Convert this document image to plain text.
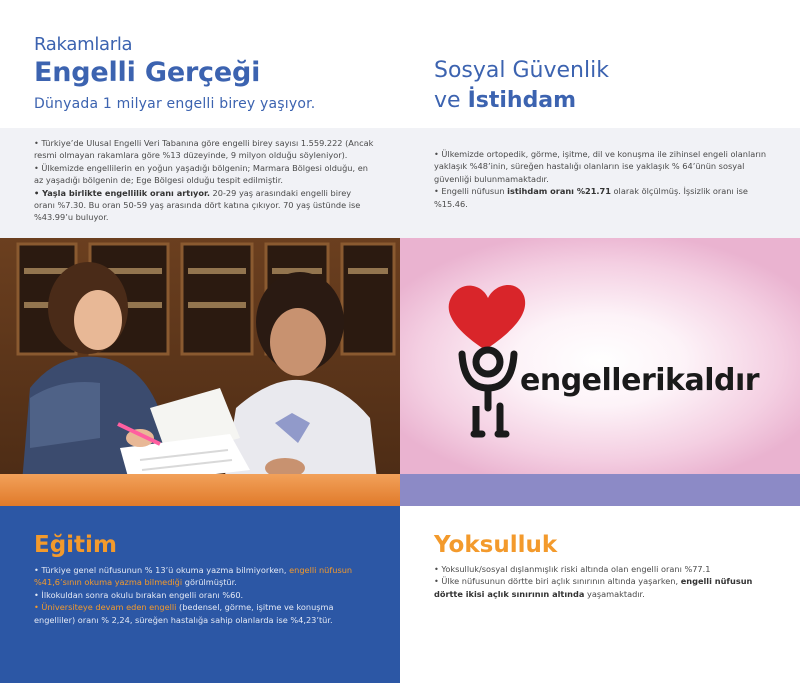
Rakamlarla
Engelli Gerçeği
Dünyada 1 milyar engelli birey yaşıyor.
Sosyal Güvenlik
ve İstihdam

• Türkiye’de Ulusal Engelli Veri Tabanına göre engelli birey sayısı 1.559.222 (Ancak resmi olmayan rakamlara göre %13 düzeyinde, 9 milyon olduğu söyleniyor).

• Ülkemizde engellilerin en yoğun yaşadığı bölgenin; Marmara Bölgesi olduğu, en az yaşadığı bölgenin de; Ege Bölgesi olduğu tespit edilmiştir.

• Yaşla birlikte engellilik oranı artıyor. 20-29 yaş arasındaki engelli birey oranı %7.30. Bu oran 50-59 yaş arasında dört katına çıkıyor. 70 yaş üstünde ise %43.99’u buluyor.

• Ülkemizde ortopedik, görme, işitme, dil ve konuşma ile zihinsel engeli olanların yaklaşık %48’inin, süreğen hastalığı olanların ise yaklaşık % 64’ünün sosyal güvenliği bulunmamaktadır.

• Engelli nüfusun istihdam oranı %21.71 olarak ölçülmüş. İşsizlik oranı ise %15.46.

engellerikaldır
Eğitim

• Türkiye genel nüfusunun % 13’ü okuma yazma bilmiyorken, engelli nüfusun %41,6’sının okuma yazma bilmediği görülmüştür.

• İlkokuldan sonra okulu bırakan engelli oranı %60.

• Üniversiteye devam eden engelli (bedensel, görme, işitme ve konuşma engelliler) oranı % 2,24, süreğen hastalığa sahip olanlarda ise %4,23’tür.

Yoksulluk

• Yoksulluk/sosyal dışlanmışlık riski altında olan engelli oranı %77.1

• Ülke nüfusunun dörtte biri açlık sınırının altında yaşarken, engelli nüfusun dörtte ikisi açlık sınırının altında yaşamaktadır.
